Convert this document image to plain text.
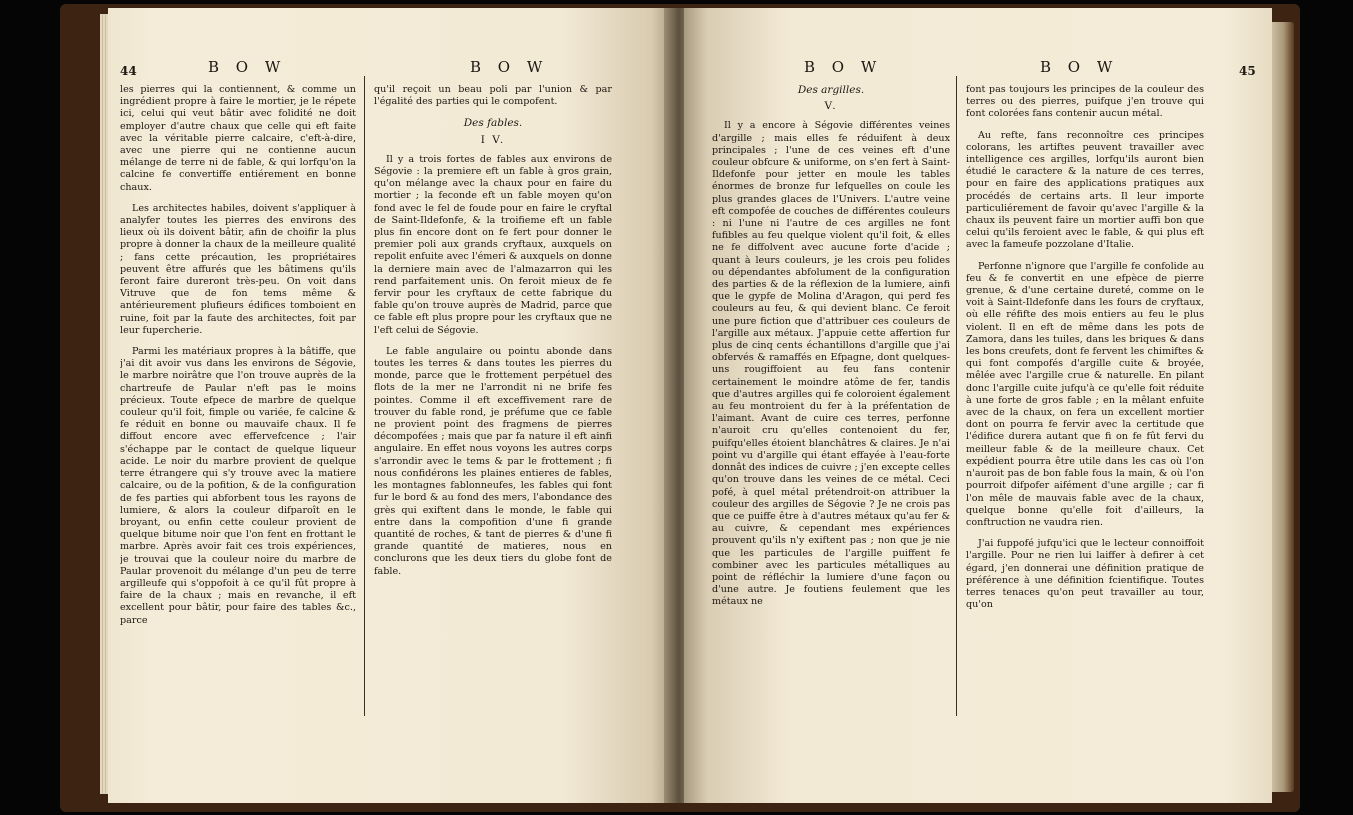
44	B O W	B O W

les pierres qui la contiennent, & comme un ingrédient propre à faire le mortier, je le répete ici, celui qui veut bâtir avec folidité ne doit employer d'autre chaux que celle qui eft faite avec la véritable pierre calcaire, c'eft-à-dire, avec une pierre qui ne contienne aucun mélange de terre ni de fable, & qui lorfqu'on la calcine fe convertiffe entiérement en bonne chaux.

Les architectes habiles, doivent s'appliquer à analyfer toutes les pierres des environs des lieux où ils doivent bâtir, afin de choifir la plus propre à donner la chaux de la meilleure qualité ; fans cette précaution, les propriétaires peuvent être affurés que les bâtimens qu'ils feront faire dureront très-peu. On voit dans Vitruve que de fon tems même & antérieurement plufieurs édifices tomboient en ruine, foit par la faute des architectes, foit par leur fupercherie.

Parmi les matériaux propres à la bâtiffe, que j'ai dit avoir vus dans les environs de Ségovie, le marbre noirâtre que l'on trouve auprès de la chartreufe de Paular n'eft pas le moins précieux. Toute efpece de marbre de quelque couleur qu'il foit, fimple ou variée, fe calcine & fe réduit en bonne ou mauvaife chaux. Il fe diffout encore avec effervefcence ; l'air s'échappe par le contact de quelque liqueur acide. Le noir du marbre provient de quelque terre étrangere qui s'y trouve avec la matiere calcaire, ou de la pofition, & de la configuration de fes parties qui abforbent tous les rayons de lumiere, & alors la couleur difparoît en le broyant, ou enfin cette couleur provient de quelque bitume noir que l'on fent en frottant le marbre. Après avoir fait ces trois expériences, je trouvai que la couleur noire du marbre de Paular provenoit du mélange d'un peu de terre argilleufe qui s'oppofoit à ce qu'il fût propre à faire de la chaux ; mais en revanche, il eft excellent pour bâtir, pour faire des tables &c., parce

qu'il reçoit un beau poli par l'union & par l'égalité des parties qui le compofent.

Des fables.
I V.

Il y a trois fortes de fables aux environs de Ségovie : la premiere eft un fable à gros grain, qu'on mélange avec la chaux pour en faire du mortier ; la feconde eft un fable moyen qu'on fond avec le fel de foude pour en faire le cryftal de Saint-Ildefonfe, & la troifieme eft un fable plus fin encore dont on fe fert pour donner le premier poli aux grands cryftaux, auxquels on repolit enfuite avec l'émeri & auxquels on donne la derniere main avec de l'almazarron qui les rend parfaitement unis. On feroit mieux de fe fervir pour les cryftaux de cette fabrique du fable qu'on trouve auprès de Madrid, parce que ce fable eft plus propre pour les cryftaux que ne l'eft celui de Ségovie.

Le fable angulaire ou pointu abonde dans toutes les terres & dans toutes les pierres du monde, parce que le frottement perpétuel des flots de la mer ne l'arrondit ni ne brife fes pointes. Comme il eft exceffivement rare de trouver du fable rond, je préfume que ce fable ne provient point des fragmens de pierres décompofées ; mais que par fa nature il eft ainfi angulaire. En effet nous voyons les autres corps s'arrondir avec le tems & par le frottement ; fi nous confidérons les plaines entieres de fables, les montagnes fablonneufes, les fables qui font fur le bord & au fond des mers, l'abondance des grès qui exiftent dans le monde, le fable qui entre dans la compofition d'une fi grande quantité de roches, & tant de pierres & d'une fi grande quantité de matieres, nous en conclurons que les deux tiers du globe font de fable.

B O W	B O W	45
Des argilles.
V.

Il y a encore à Ségovie différentes veines d'argille ; mais elles fe réduifent à deux principales ; l'une de ces veines eft d'une couleur obfcure & uniforme, on s'en fert à Saint-Ildefonfe pour jetter en moule les tables énormes de bronze fur lefquelles on coule les plus grandes glaces de l'Univers. L'autre veine eft compofée de couches de différentes couleurs : ni l'une ni l'autre de ces argilles ne font fufibles au feu quelque violent qu'il foit, & elles ne fe diffolvent avec aucune forte d'acide ; quant à leurs couleurs, je les crois peu folides ou dépendantes abfolument de la configuration des parties & de la réflexion de la lumiere, ainfi que le gypfe de Molina d'Aragon, qui perd fes couleurs au feu, & qui devient blanc. Ce feroit une pure fiction que d'attribuer ces couleurs de l'argille aux métaux. J'appuie cette affertion fur plus de cinq cents échantillons d'argille que j'ai obfervés & ramaffés en Efpagne, dont quelques-uns rougiffoient au feu fans contenir certainement le moindre atôme de fer, tandis que d'autres argilles qui fe coloroient également au feu montroient du fer à la préfentation de l'aimant. Avant de cuire ces terres, perfonne n'auroit cru qu'elles contenoient du fer, puifqu'elles étoient blanchâtres & claires. Je n'ai point vu d'argille qui étant effayée à l'eau-forte donnât des indices de cuivre ; j'en excepte celles qu'on trouve dans les veines de ce métal. Ceci pofé, à quel métal prétendroit-on attribuer la couleur des argilles de Ségovie ? Je ne crois pas que ce puiffe être à d'autres métaux qu'au fer & au cuivre, & cependant mes expériences prouvent qu'ils n'y exiftent pas ; non que je nie que les particules de l'argille puiffent fe combiner avec les particules métalliques au point de réfléchir la lumiere d'une façon ou d'une autre. Je foutiens feulement que les métaux ne

font pas toujours les principes de la couleur des terres ou des pierres, puifque j'en trouve qui font colorées fans contenir aucun métal.

Au refte, fans reconnoître ces principes colorans, les artiftes peuvent travailler avec intelligence ces argilles, lorfqu'ils auront bien étudié le caractere & la nature de ces terres, pour en faire des applications pratiques aux procédés de certains arts. Il leur importe particuliérement de favoir qu'avec l'argille & la chaux ils peuvent faire un mortier auffi bon que celui qu'ils feroient avec le fable, & qui plus eft avec la fameufe pozzolane d'Italie.

Perfonne n'ignore que l'argille fe confolide au feu & fe convertit en une efpèce de pierre grenue, & d'une certaine dureté, comme on le voit à Saint-Ildefonfe dans les fours de cryftaux, où elle réfifte des mois entiers au feu le plus violent. Il en eft de même dans les pots de Zamora, dans les tuiles, dans les briques & dans les bons creufets, dont fe fervent les chimiftes & qui font compofés d'argille cuite & broyée, mêlée avec l'argille crue & naturelle. En pilant donc l'argille cuite jufqu'à ce qu'elle foit réduite à une forte de gros fable ; en la mêlant enfuite avec de la chaux, on fera un excellent mortier dont on pourra fe fervir avec la certitude que l'édifice durera autant que fi on fe fût fervi du meilleur fable & de la meilleure chaux. Cet expédient pourra être utile dans les cas où l'on n'auroit pas de bon fable fous la main, & où l'on pourroit difpofer aifément d'une argille ; car fi l'on mêle de mauvais fable avec de la chaux, quelque bonne qu'elle foit d'ailleurs, la conftruction ne vaudra rien.

J'ai fuppofé jufqu'ici que le lecteur connoiffoit l'argille. Pour ne rien lui laiffer à defirer à cet égard, j'en donnerai une définition pratique de préférence à une définition fcientifique. Toutes terres tenaces qu'on peut travailler au tour, qu'on
